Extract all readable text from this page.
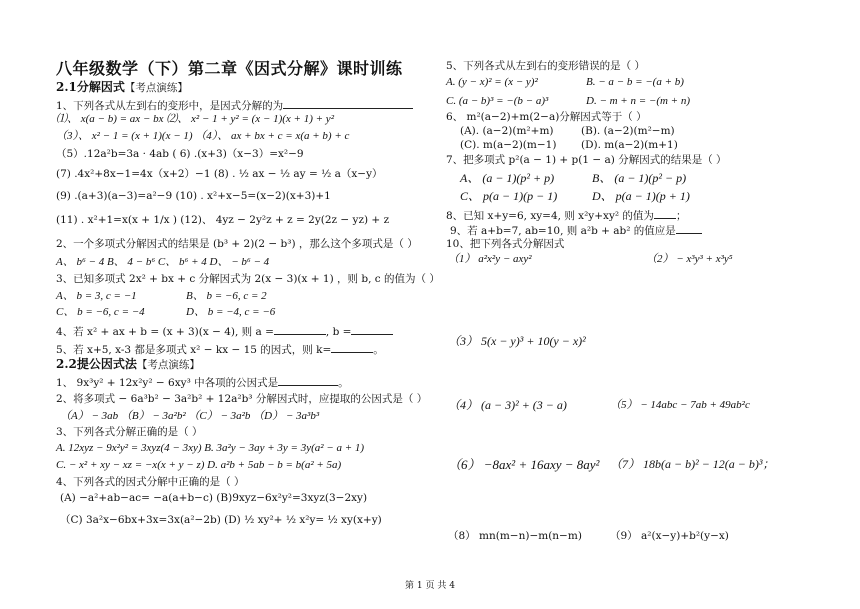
八年级数学（下）第二章《因式分解》课时训练
2.1分解因式【考点演练】
1、下列各式从左到右的变形中，是因式分解的为
⑴、 x(a − b) = ax − bx ⑵、 x² − 1 + y² = (x − 1)(x + 1) + y²
（3）、 x² − 1 = (x + 1)(x − 1) （4）、 ax + bx + c = x(a + b) + c
（5）.12a²b=3a · 4ab ( 6) .(x+3)（x−3）=x²−9
(7) .4x²+8x−1=4x（x+2）−1 (8) . ½ ax − ½ ay = ½ a（x−y）
(9) .(a+3)(a−3)=a²−9 (10) . x²+x−5=(x−2)(x+3)+1
(11) . x²+1=x(x + 1/x ) (12)、 4yz − 2y²z + z = 2y(2z − yz) + z
2、一个多项式分解因式的结果是 (b³ + 2)(2 − b³) ，那么这个多项式是（ ）
A、 b⁶ − 4 B、 4 − b⁶ C、 b⁶ + 4 D、 − b⁶ − 4
3、已知多项式 2x² + bx + c 分解因式为 2(x − 3)(x + 1) ，则 b, c 的值为（ ）
A、 b = 3, c = −1	B、 b = −6, c = 2
C、 b = −6, c = −4	D、 b = −4, c = −6
4、若 x² + ax + b = (x + 3)(x − 4), 则 a =	, b =
5、若 x+5, x-3 都是多项式 x² − kx − 15 的因式，则 k=	。
2.2提公因式法【考点演练】
1、 9x³y² + 12x²y² − 6xy³ 中各项的公因式是	。
2、将多项式 − 6a³b² − 3a²b² + 12a²b³ 分解因式时，应提取的公因式是（ ）
（A） − 3ab （B） − 3a²b² （C） − 3a²b （D） − 3a³b³
3、下列各式分解正确的是（ ）
A. 12xyz − 9x²y² = 3xyz(4 − 3xy) B. 3a²y − 3ay + 3y = 3y(a² − a + 1)
C. − x² + xy − xz = −x(x + y − z) D. a²b + 5ab − b = b(a² + 5a)
4、下列各式的因式分解中正确的是（ ）
(A) −a²+ab−ac= −a(a+b−c) (B)9xyz−6x²y²=3xyz(3−2xy)
（C) 3a²x−6bx+3x=3x(a²−2b) (D) ½ xy²+ ½ x²y= ½ xy(x+y)
5、下列各式从左到右的变形错误的是（ ）
A. (y − x)² = (x − y)²	B. − a − b = −(a + b)
C. (a − b)³ = −(b − a)³	D. − m + n = −(m + n)
6、 m²(a−2)+m(2−a)分解因式等于（ ）
(A). (a−2)(m²+m)	(B). (a−2)(m²−m)
(C). m(a−2)(m−1) (D). m(a−2)(m+1)
7、把多项式 p²(a − 1) + p(1 − a) 分解因式的结果是（ ）
A、 (a − 1)(p² + p)	B、 (a − 1)(p² − p)
C、 p(a − 1)(p − 1)	D、 p(a − 1)(p + 1)
8、已知 x+y=6, xy=4, 则 x²y+xy² 的值为 ；
9、若 a+b=7, ab=10, 则 a²b + ab² 的值应是
10、把下列各式分解因式
（1） a²x²y − axy²	（2） − x³y³ + x³y⁵
（3） 5(x − y)³ + 10(y − x)²
（4） (a − 3)² + (3 − a)	（5） − 14abc − 7ab + 49ab²c
（6） −8ax² + 16axy − 8ay² （7） 18b(a − b)² − 12(a − b)³；
（8） mn(m−n)−m(n−m)	（9） a²(x−y)+b²(y−x)
第 1 页 共 4
